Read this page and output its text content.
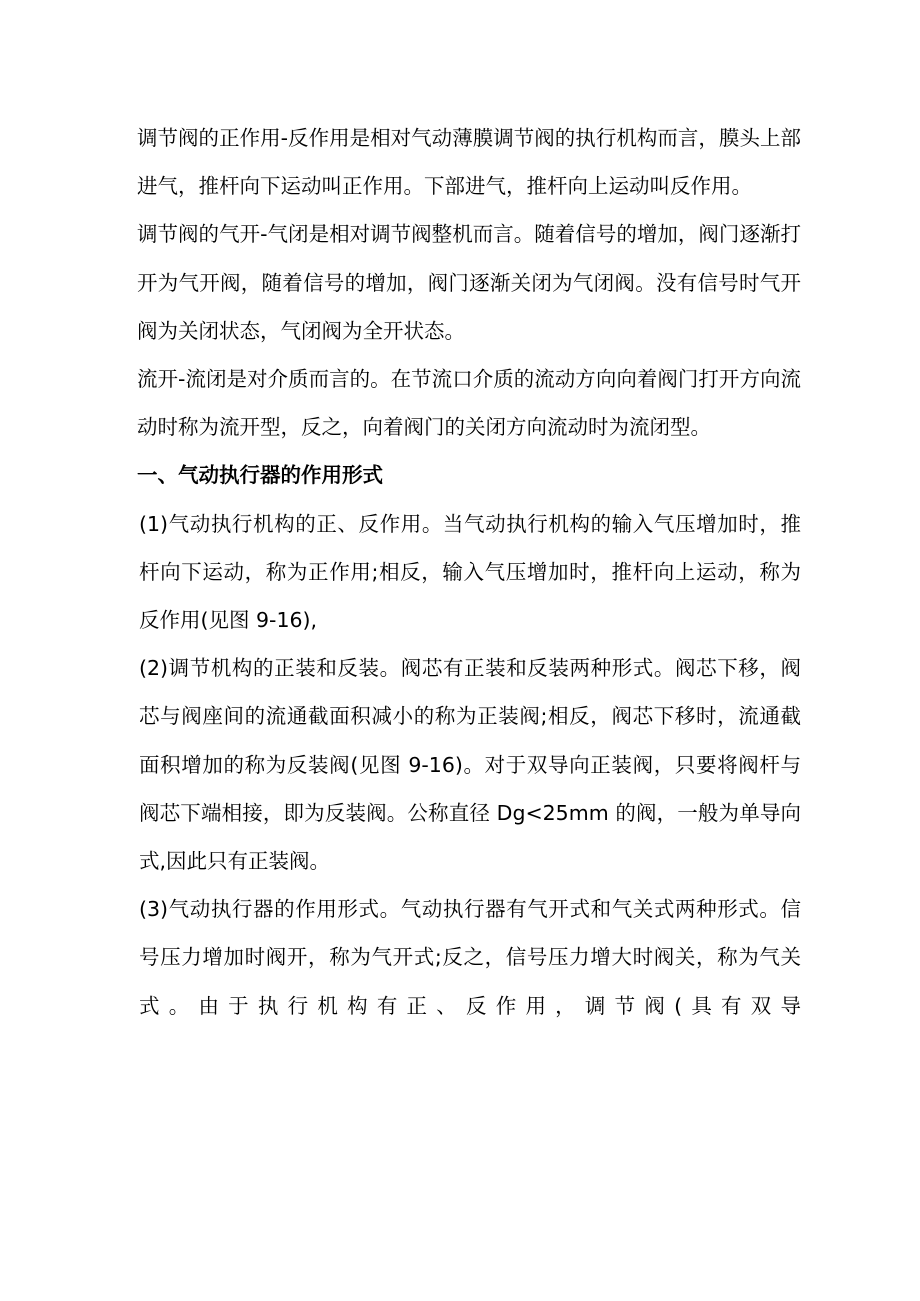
调节阀的正作用-反作用是相对气动薄膜调节阀的执行机构而言，膜头上部进气，推杆向下运动叫正作用。下部进气，推杆向上运动叫反作用。

调节阀的气开-气闭是相对调节阀整机而言。随着信号的增加，阀门逐渐打开为气开阀，随着信号的增加，阀门逐渐关闭为气闭阀。没有信号时气开阀为关闭状态，气闭阀为全开状态。

流开-流闭是对介质而言的。在节流口介质的流动方向向着阀门打开方向流动时称为流开型，反之，向着阀门的关闭方向流动时为流闭型。

一、气动执行器的作用形式

(1)气动执行机构的正、反作用。当气动执行机构的输入气压增加时，推杆向下运动，称为正作用;相反，输入气压增加时，推杆向上运动，称为反作用(见图 9-16),

(2)调节机构的正装和反装。阀芯有正装和反装两种形式。阀芯下移，阀芯与阀座间的流通截面积减小的称为正装阀;相反，阀芯下移时，流通截面积增加的称为反装阀(见图 9-16)。对于双导向正装阀，只要将阀杆与阀芯下端相接，即为反装阀。公称直径 Dg<25mm 的阀，一般为单导向式,因此只有正装阀。

(3)气动执行器的作用形式。气动执行器有气开式和气关式两种形式。信号压力增加时阀开，称为气开式;反之，信号压力增大时阀关，称为气关式。由于执行机构有正、反作用，调节阀(具有双导
